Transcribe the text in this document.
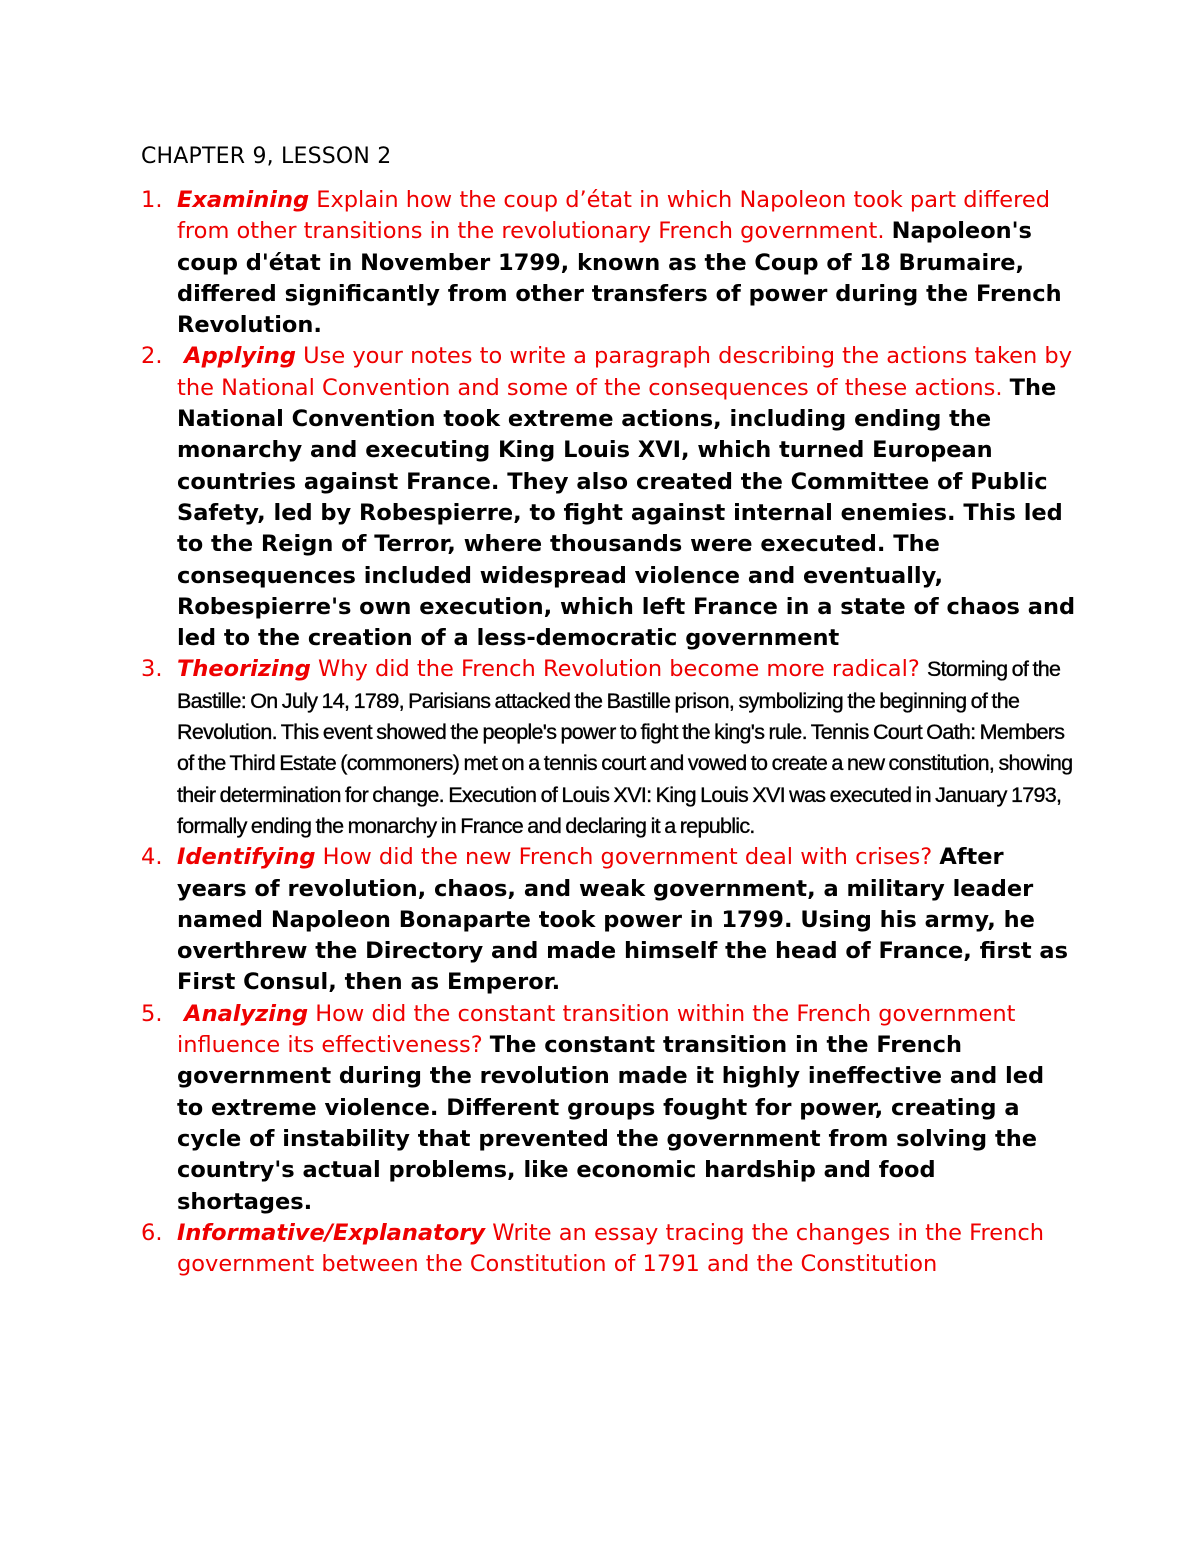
CHAPTER 9, LESSON 2
1. Examining Explain how the coup d’état in which Napoleon took part differed from other transitions in the revolutionary French government. Napoleon's coup d'état in November 1799, known as the Coup of 18 Brumaire, differed significantly from other transfers of power during the French Revolution.
2. Applying Use your notes to write a paragraph describing the actions taken by the National Convention and some of the consequences of these actions. The National Convention took extreme actions, including ending the monarchy and executing King Louis XVI, which turned European countries against France. They also created the Committee of Public Safety, led by Robespierre, to fight against internal enemies. This led to the Reign of Terror, where thousands were executed. The consequences included widespread violence and eventually, Robespierre's own execution, which left France in a state of chaos and led to the creation of a less-democratic government
3. Theorizing Why did the French Revolution become more radical? Storming of the Bastille: On July 14, 1789, Parisians attacked the Bastille prison, symbolizing the beginning of the Revolution. This event showed the people's power to fight the king's rule. Tennis Court Oath: Members of the Third Estate (commoners) met on a tennis court and vowed to create a new constitution, showing their determination for change. Execution of Louis XVI: King Louis XVI was executed in January 1793, formally ending the monarchy in France and declaring it a republic.
4. Identifying How did the new French government deal with crises? After years of revolution, chaos, and weak government, a military leader named Napoleon Bonaparte took power in 1799. Using his army, he overthrew the Directory and made himself the head of France, first as First Consul, then as Emperor.
5. Analyzing How did the constant transition within the French government influence its effectiveness? The constant transition in the French government during the revolution made it highly ineffective and led to extreme violence. Different groups fought for power, creating a cycle of instability that prevented the government from solving the country's actual problems, like economic hardship and food shortages.
6. Informative/Explanatory Write an essay tracing the changes in the French government between the Constitution of 1791 and the Constitution
